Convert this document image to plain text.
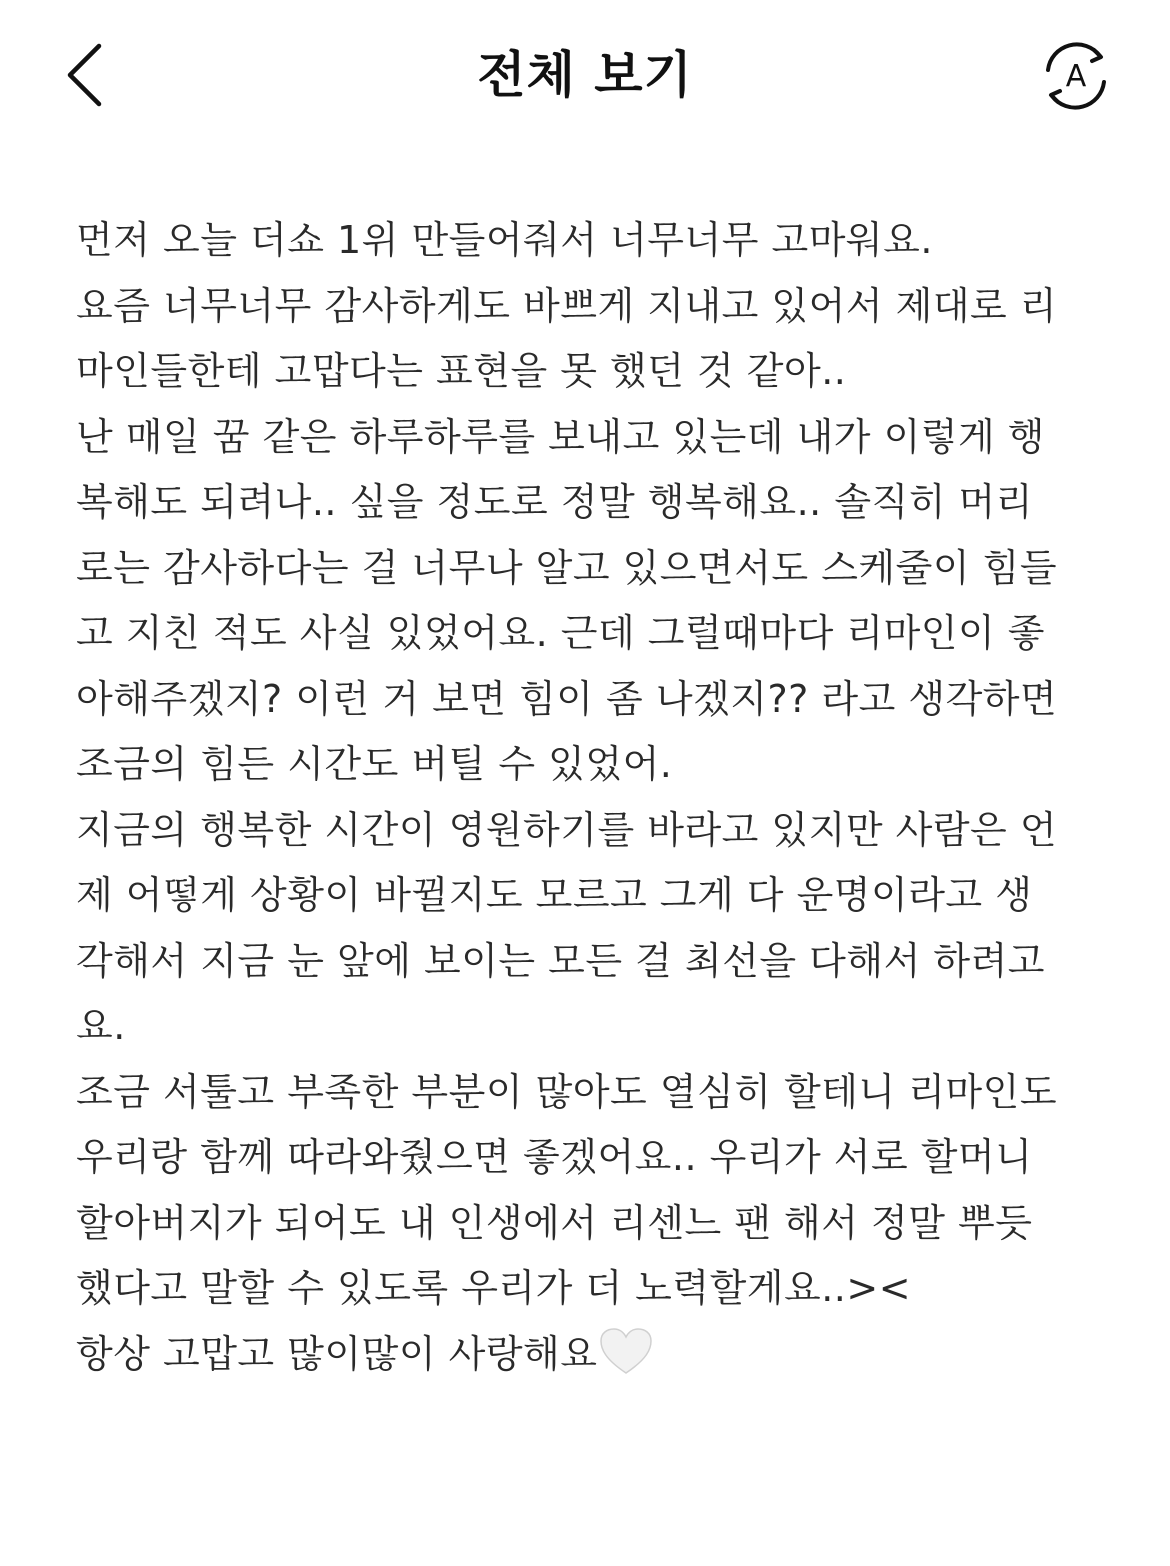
전체 보기	A
먼저 오늘 더쇼 1위 만들어줘서 너무너무 고마워요.
요즘 너무너무 감사하게도 바쁘게 지내고 있어서 제대로 리
마인들한테 고맙다는 표현을 못 했던 것 같아..
난 매일 꿈 같은 하루하루를 보내고 있는데 내가 이렇게 행
복해도 되려나.. 싶을 정도로 정말 행복해요.. 솔직히 머리
로는 감사하다는 걸 너무나 알고 있으면서도 스케줄이 힘들
고 지친 적도 사실 있었어요. 근데 그럴때마다 리마인이 좋
아해주겠지? 이런 거 보면 힘이 좀 나겠지?? 라고 생각하면
조금의 힘든 시간도 버틸 수 있었어.
지금의 행복한 시간이 영원하기를 바라고 있지만 사람은 언
제 어떻게 상황이 바뀔지도 모르고 그게 다 운명이라고 생
각해서 지금 눈 앞에 보이는 모든 걸 최선을 다해서 하려고
요.
조금 서툴고 부족한 부분이 많아도 열심히 할테니 리마인도
우리랑 함께 따라와줬으면 좋겠어요.. 우리가 서로 할머니
할아버지가 되어도 내 인생에서 리센느 팬 해서 정말 뿌듯
했다고 말할 수 있도록 우리가 더 노력할게요..><
항상 고맙고 많이많이 사랑해요
